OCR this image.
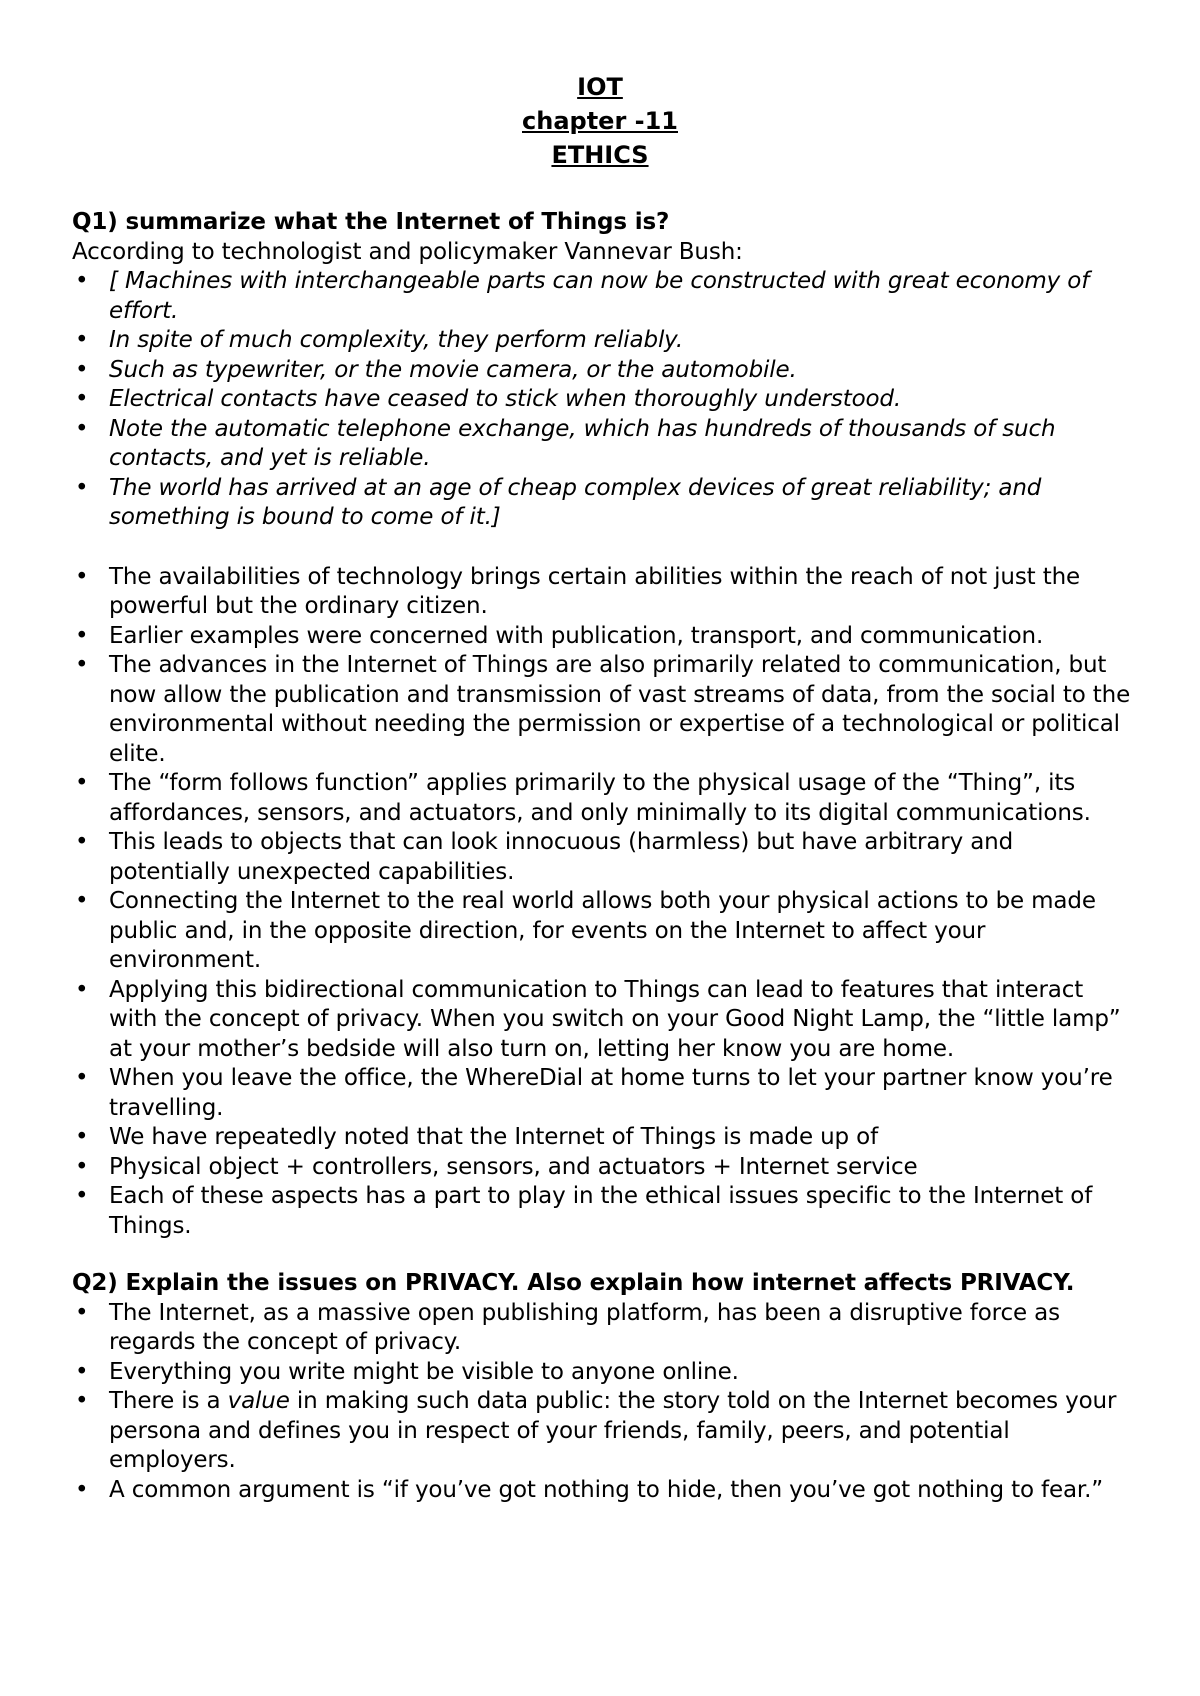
IOT
chapter -11
ETHICS

Q1) summarize what the Internet of Things is?

According to technologist and policymaker Vannevar Bush:

• [ Machines with interchangeable parts can now be constructed with great economy of effort.
• In spite of much complexity, they perform reliably.
• Such as typewriter, or the movie camera, or the automobile.
• Electrical contacts have ceased to stick when thoroughly understood.
• Note the automatic telephone exchange, which has hundreds of thousands of such contacts, and yet is reliable.
• The world has arrived at an age of cheap complex devices of great reliability; and something is bound to come of it.]
• The availabilities of technology brings certain abilities within the reach of not just the powerful but the ordinary citizen.
• Earlier examples were concerned with publication, transport, and communication.
• The advances in the Internet of Things are also primarily related to communication, but now allow the publication and transmission of vast streams of data, from the social to the environmental without needing the permission or expertise of a technological or political elite.
• The “form follows function” applies primarily to the physical usage of the “Thing”, its affordances, sensors, and actuators, and only minimally to its digital communications.
• This leads to objects that can look innocuous (harmless) but have arbitrary and potentially unexpected capabilities.
• Connecting the Internet to the real world allows both your physical actions to be made public and, in the opposite direction, for events on the Internet to affect your environment.
• Applying this bidirectional communication to Things can lead to features that interact with the concept of privacy. When you switch on your Good Night Lamp, the “little lamp” at your mother’s bedside will also turn on, letting her know you are home.
• When you leave the office, the WhereDial at home turns to let your partner know you’re travelling.
• We have repeatedly noted that the Internet of Things is made up of
• Physical object + controllers, sensors, and actuators + Internet service
• Each of these aspects has a part to play in the ethical issues specific to the Internet of Things.

Q2) Explain the issues on PRIVACY. Also explain how internet affects PRIVACY.

• The Internet, as a massive open publishing platform, has been a disruptive force as regards the concept of privacy.
• Everything you write might be visible to anyone online.
• There is a value in making such data public: the story told on the Internet becomes your persona and defines you in respect of your friends, family, peers, and potential employers.
• A common argument is “if you’ve got nothing to hide, then you’ve got nothing to fear.”
